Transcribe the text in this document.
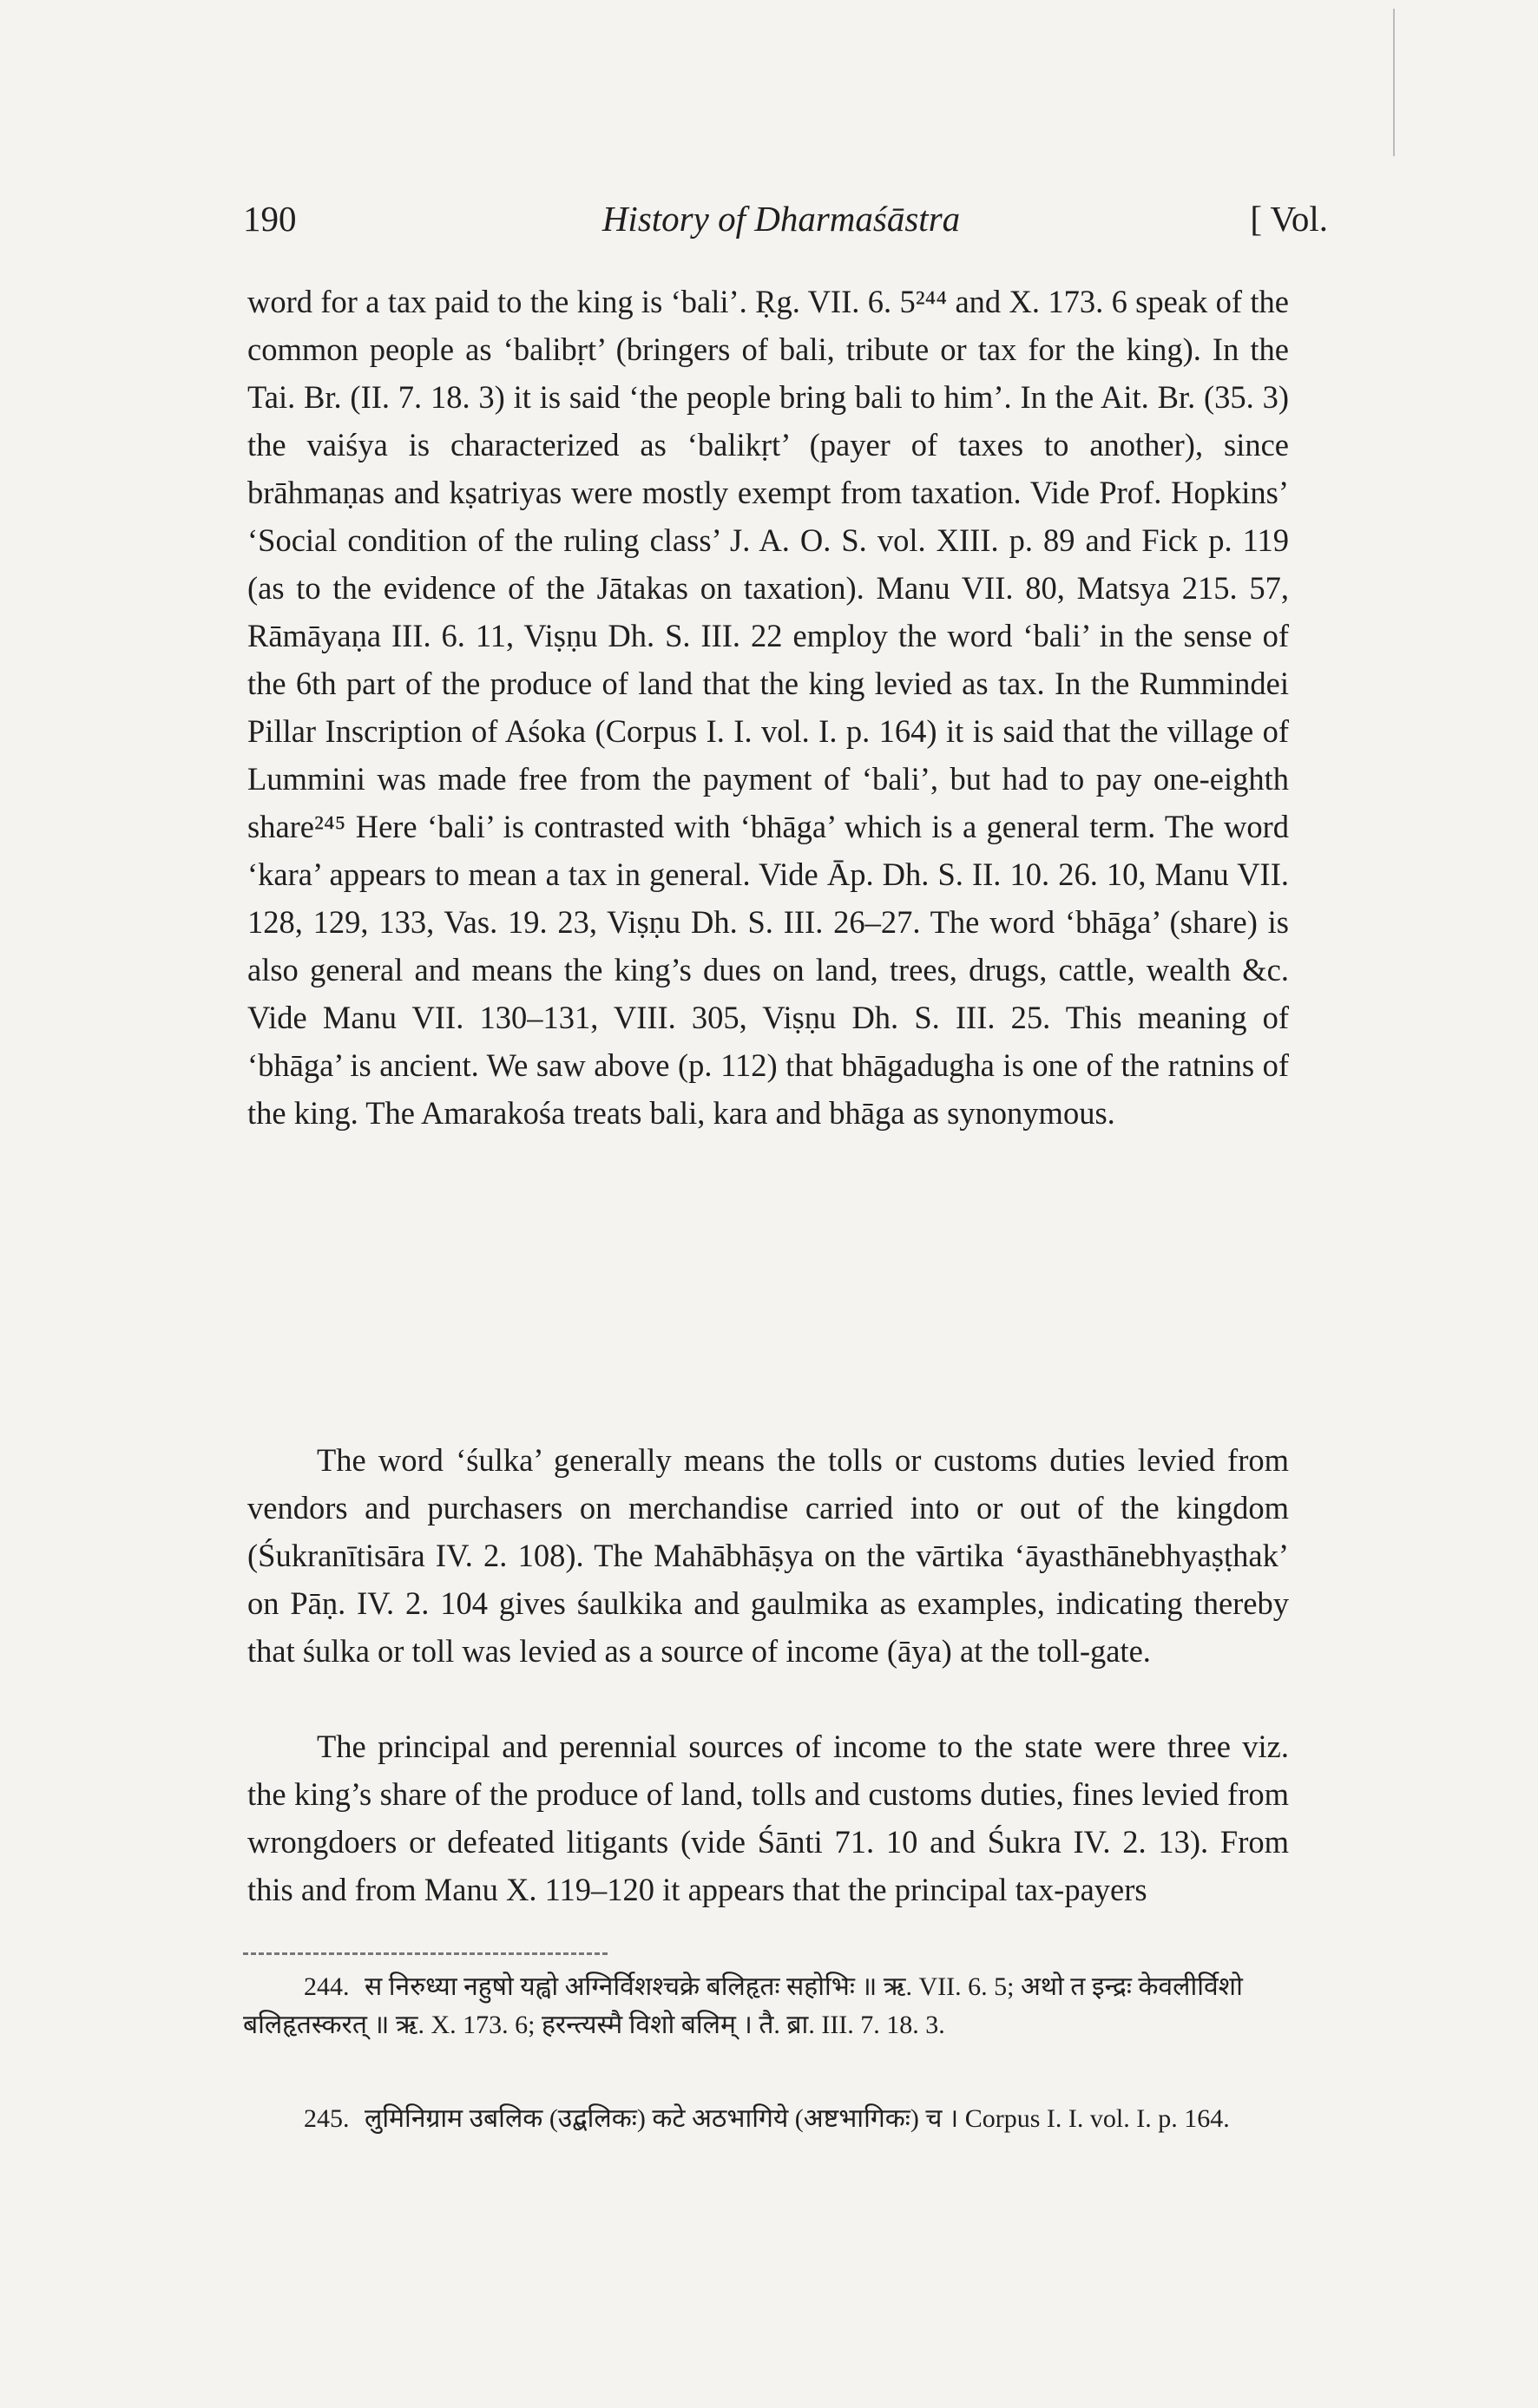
190	History of Dharmaśāstra	[ Vol.

word for a tax paid to the king is ‘bali’. Ṛg. VII. 6. 5²⁴⁴ and X. 173. 6 speak of the common people as ‘balibṛt’ (bringers of bali, tribute or tax for the king). In the Tai. Br. (II. 7. 18. 3) it is said ‘the people bring bali to him’. In the Ait. Br. (35. 3) the vaiśya is characterized as ‘balikṛt’ (payer of taxes to another), since brāhmaṇas and kṣatriyas were mostly exempt from taxation. Vide Prof. Hopkins’ ‘Social condition of the ruling class’ J. A. O. S. vol. XIII. p. 89 and Fick p. 119 (as to the evidence of the Jātakas on taxation). Manu VII. 80, Matsya 215. 57, Rāmāyaṇa III. 6. 11, Viṣṇu Dh. S. III. 22 employ the word ‘bali’ in the sense of the 6th part of the produce of land that the king levied as tax. In the Rummindei Pillar Inscription of Aśoka (Corpus I. I. vol. I. p. 164) it is said that the village of Lummini was made free from the payment of ‘bali’, but had to pay one-eighth share²⁴⁵ Here ‘bali’ is contrasted with ‘bhāga’ which is a general term. The word ‘kara’ appears to mean a tax in general. Vide Āp. Dh. S. II. 10. 26. 10, Manu VII. 128, 129, 133, Vas. 19. 23, Viṣṇu Dh. S. III. 26–27. The word ‘bhāga’ (share) is also general and means the king’s dues on land, trees, drugs, cattle, wealth &c. Vide Manu VII. 130–131, VIII. 305, Viṣṇu Dh. S. III. 25. This meaning of ‘bhāga’ is ancient. We saw above (p. 112) that bhāgadugha is one of the ratnins of the king. The Amarakośa treats bali, kara and bhāga as synonymous.

The word ‘śulka’ generally means the tolls or customs duties levied from vendors and purchasers on merchandise carried into or out of the kingdom (Śukranītisāra IV. 2. 108). The Mahābhāṣya on the vārtika ‘āyasthānebhyaṣṭhak’ on Pāṇ. IV. 2. 104 gives śaulkika and gaulmika as examples, indicating thereby that śulka or toll was levied as a source of income (āya) at the toll-gate.

The principal and perennial sources of income to the state were three viz. the king’s share of the produce of land, tolls and customs duties, fines levied from wrongdoers or defeated litigants (vide Śānti 71. 10 and Śukra IV. 2. 13). From this and from Manu X. 119–120 it appears that the principal tax-payers

244. स निरुध्या नहुषो यह्वो अग्निर्विशश्चक्रे बलिहृतः सहोभिः ॥ ऋ. VII. 6. 5; अथो त इन्द्रः केवलीर्विशो बलिहृतस्करत् ॥ ऋ. X. 173. 6; हरन्त्यस्मै विशो बलिम् । तै. ब्रा. III. 7. 18. 3.
245. लुमिनिग्राम उबलिक (उद्बलिकः) कटे अठभागिये (अष्टभागिकः) च । Corpus I. I. vol. I. p. 164.
